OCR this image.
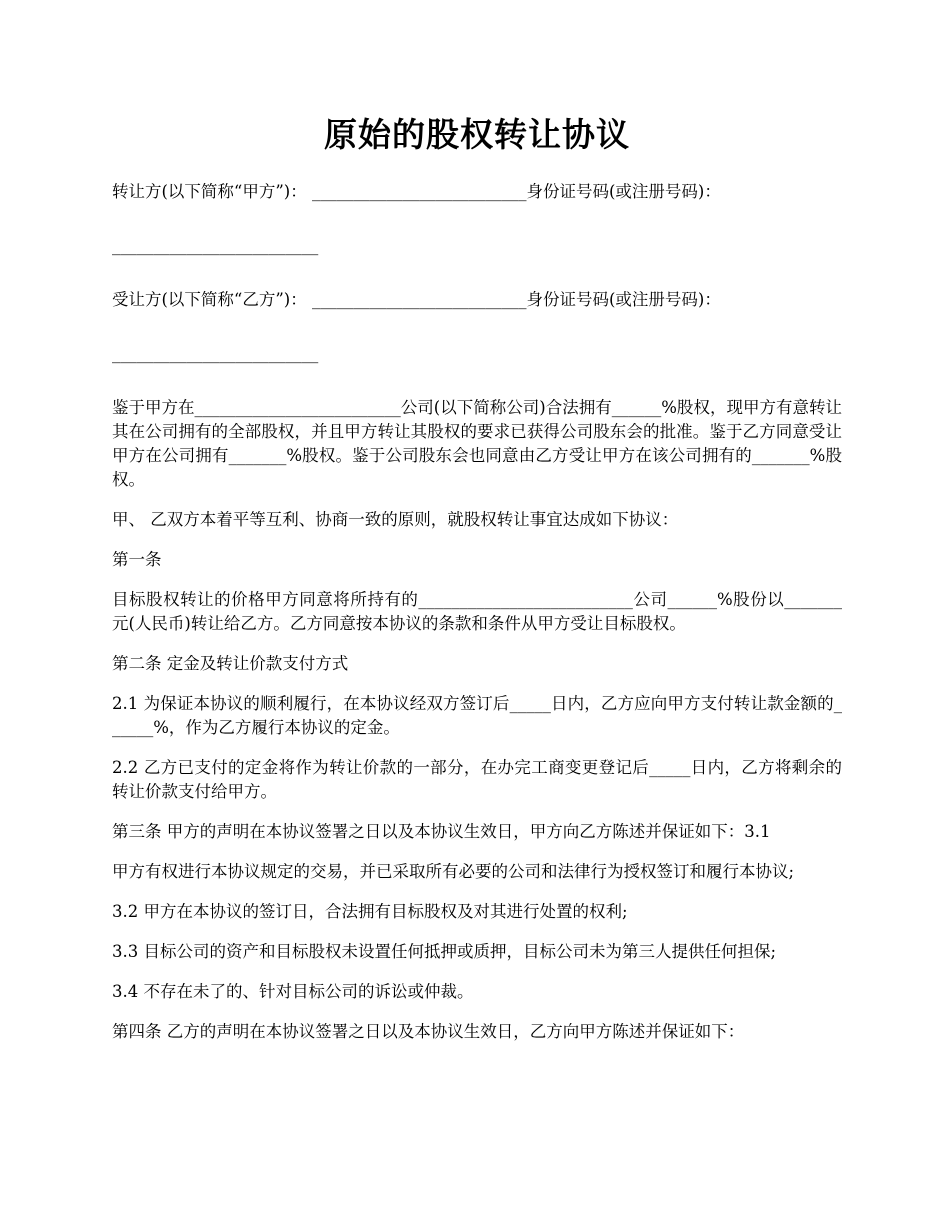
原始的股权转让协议

转让方(以下简称“甲方”)： __________________________身份证号码(或注册号码)：

_________________________

受让方(以下简称“乙方”)： __________________________身份证号码(或注册号码)：

_________________________

鉴于甲方在_________________________公司(以下简称公司)合法拥有______%股权，现甲方有意转让其在公司拥有的全部股权，并且甲方转让其股权的要求已获得公司股东会的批准。鉴于乙方同意受让甲方在公司拥有_______%股权。鉴于公司股东会也同意由乙方受让甲方在该公司拥有的_______%股权。

甲、 乙双方本着平等互利、协商一致的原则，就股权转让事宜达成如下协议：

第一条

目标股权转让的价格甲方同意将所持有的__________________________公司______%股份以_______元(人民币)转让给乙方。乙方同意按本协议的条款和条件从甲方受让目标股权。

第二条 定金及转让价款支付方式

2.1 为保证本协议的顺利履行，在本协议经双方签订后_____日内，乙方应向甲方支付转让款金额的______%，作为乙方履行本协议的定金。

2.2 乙方已支付的定金将作为转让价款的一部分，在办完工商变更登记后_____日内，乙方将剩余的转让价款支付给甲方。

第三条 甲方的声明在本协议签署之日以及本协议生效日，甲方向乙方陈述并保证如下：3.1

甲方有权进行本协议规定的交易，并已采取所有必要的公司和法律行为授权签订和履行本协议;

3.2 甲方在本协议的签订日，合法拥有目标股权及对其进行处置的权利;

3.3 目标公司的资产和目标股权未设置任何抵押或质押，目标公司未为第三人提供任何担保;

3.4 不存在未了的、针对目标公司的诉讼或仲裁。

第四条 乙方的声明在本协议签署之日以及本协议生效日，乙方向甲方陈述并保证如下：
